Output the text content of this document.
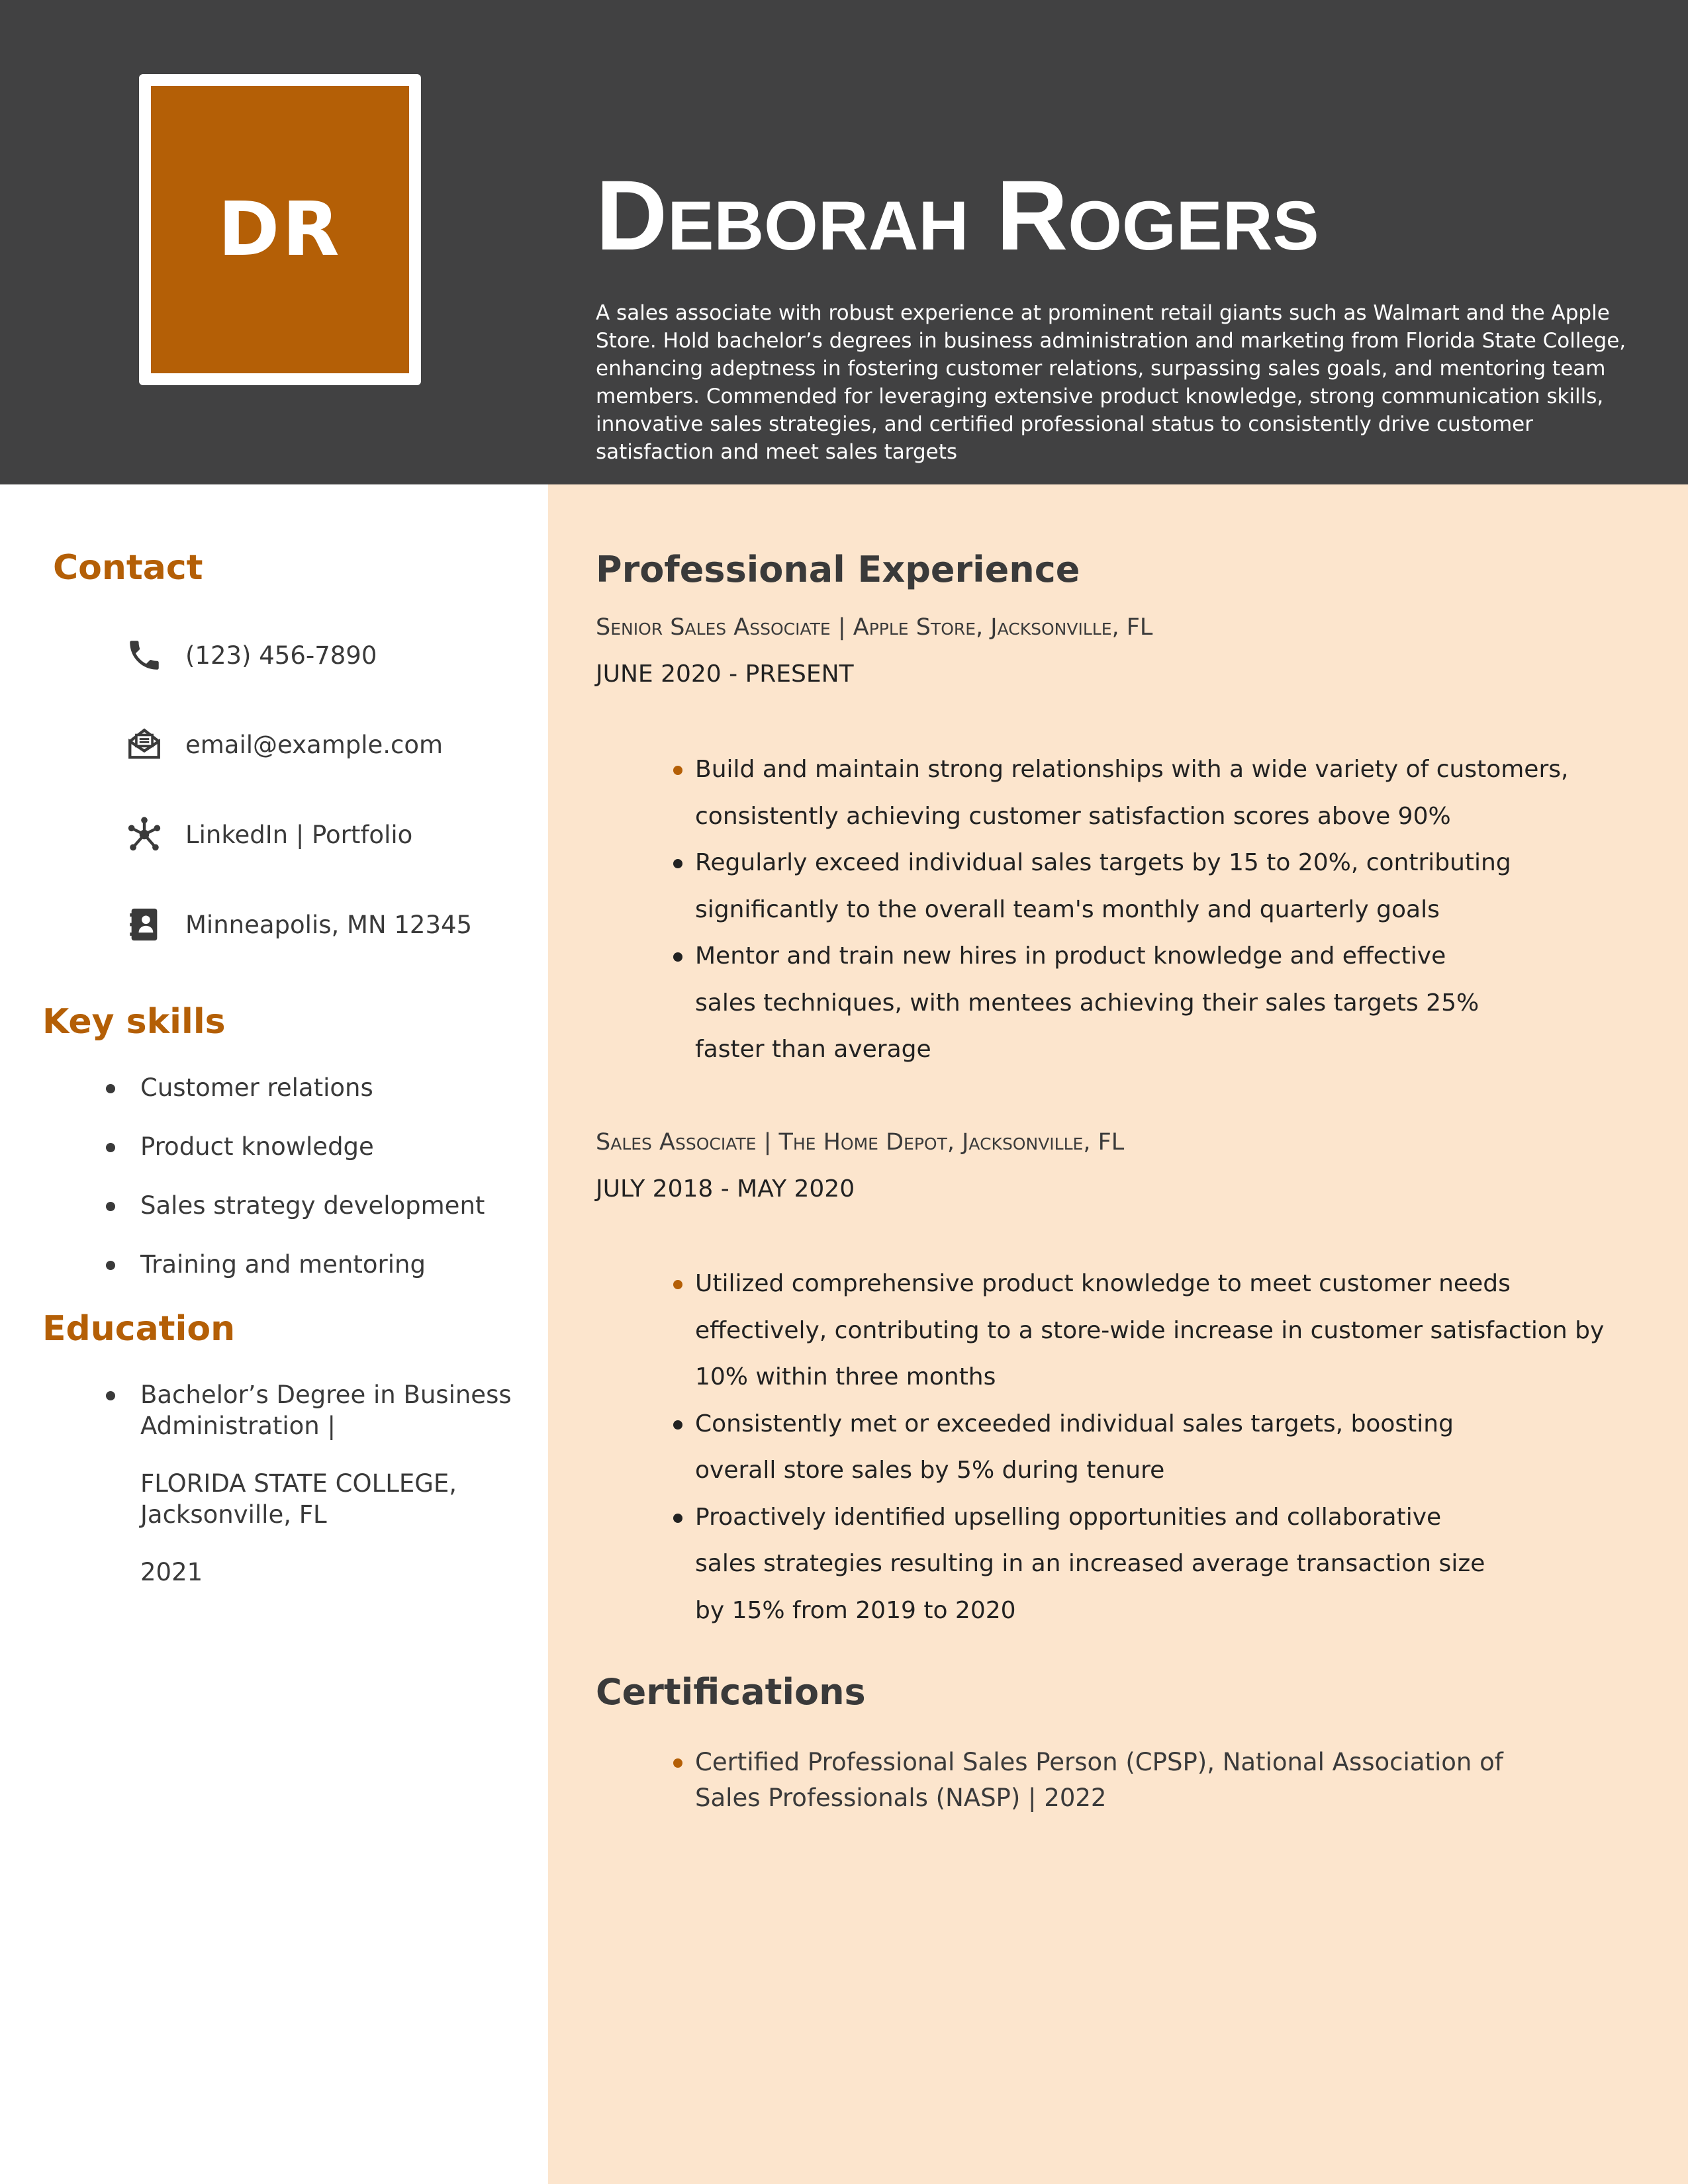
DR	Deborah Rogers
A sales associate with robust experience at prominent retail giants such as Walmart and the Apple Store. Hold bachelor’s degrees in business administration and marketing from Florida State College, enhancing adeptness in fostering customer relations, surpassing sales goals, and mentoring team members. Commended for leveraging extensive product knowledge, strong communication skills, innovative sales strategies, and certified professional status to consistently drive customer satisfaction and meet sales targets
Contact
(123) 456-7890
email@example.com
LinkedIn | Portfolio
Minneapolis, MN 12345
Key skills
Customer relations
Product knowledge
Sales strategy development
Training and mentoring
Education
Bachelor’s Degree in Business
Administration |
FLORIDA STATE COLLEGE,
Jacksonville, FL
2021
Professional Experience
Senior Sales Associate | Apple Store, Jacksonville, FL
JUNE 2020 - PRESENT
Build and maintain strong relationships with a wide variety of customers, consistently achieving customer satisfaction scores above 90%
Regularly exceed individual sales targets by 15 to 20%, contributing significantly to the overall team's monthly and quarterly goals
Mentor and train new hires in product knowledge and effective sales techniques, with mentees achieving their sales targets 25% faster than average
Sales Associate | The Home Depot, Jacksonville, FL
JULY 2018 - MAY 2020
Utilized comprehensive product knowledge to meet customer needs effectively, contributing to a store-wide increase in customer satisfaction by 10% within three months
Consistently met or exceeded individual sales targets, boosting overall store sales by 5% during tenure
Proactively identified upselling opportunities and collaborative sales strategies resulting in an increased average transaction size by 15% from 2019 to 2020
Certifications
Certified Professional Sales Person (CPSP), National Association of Sales Professionals (NASP) | 2022
